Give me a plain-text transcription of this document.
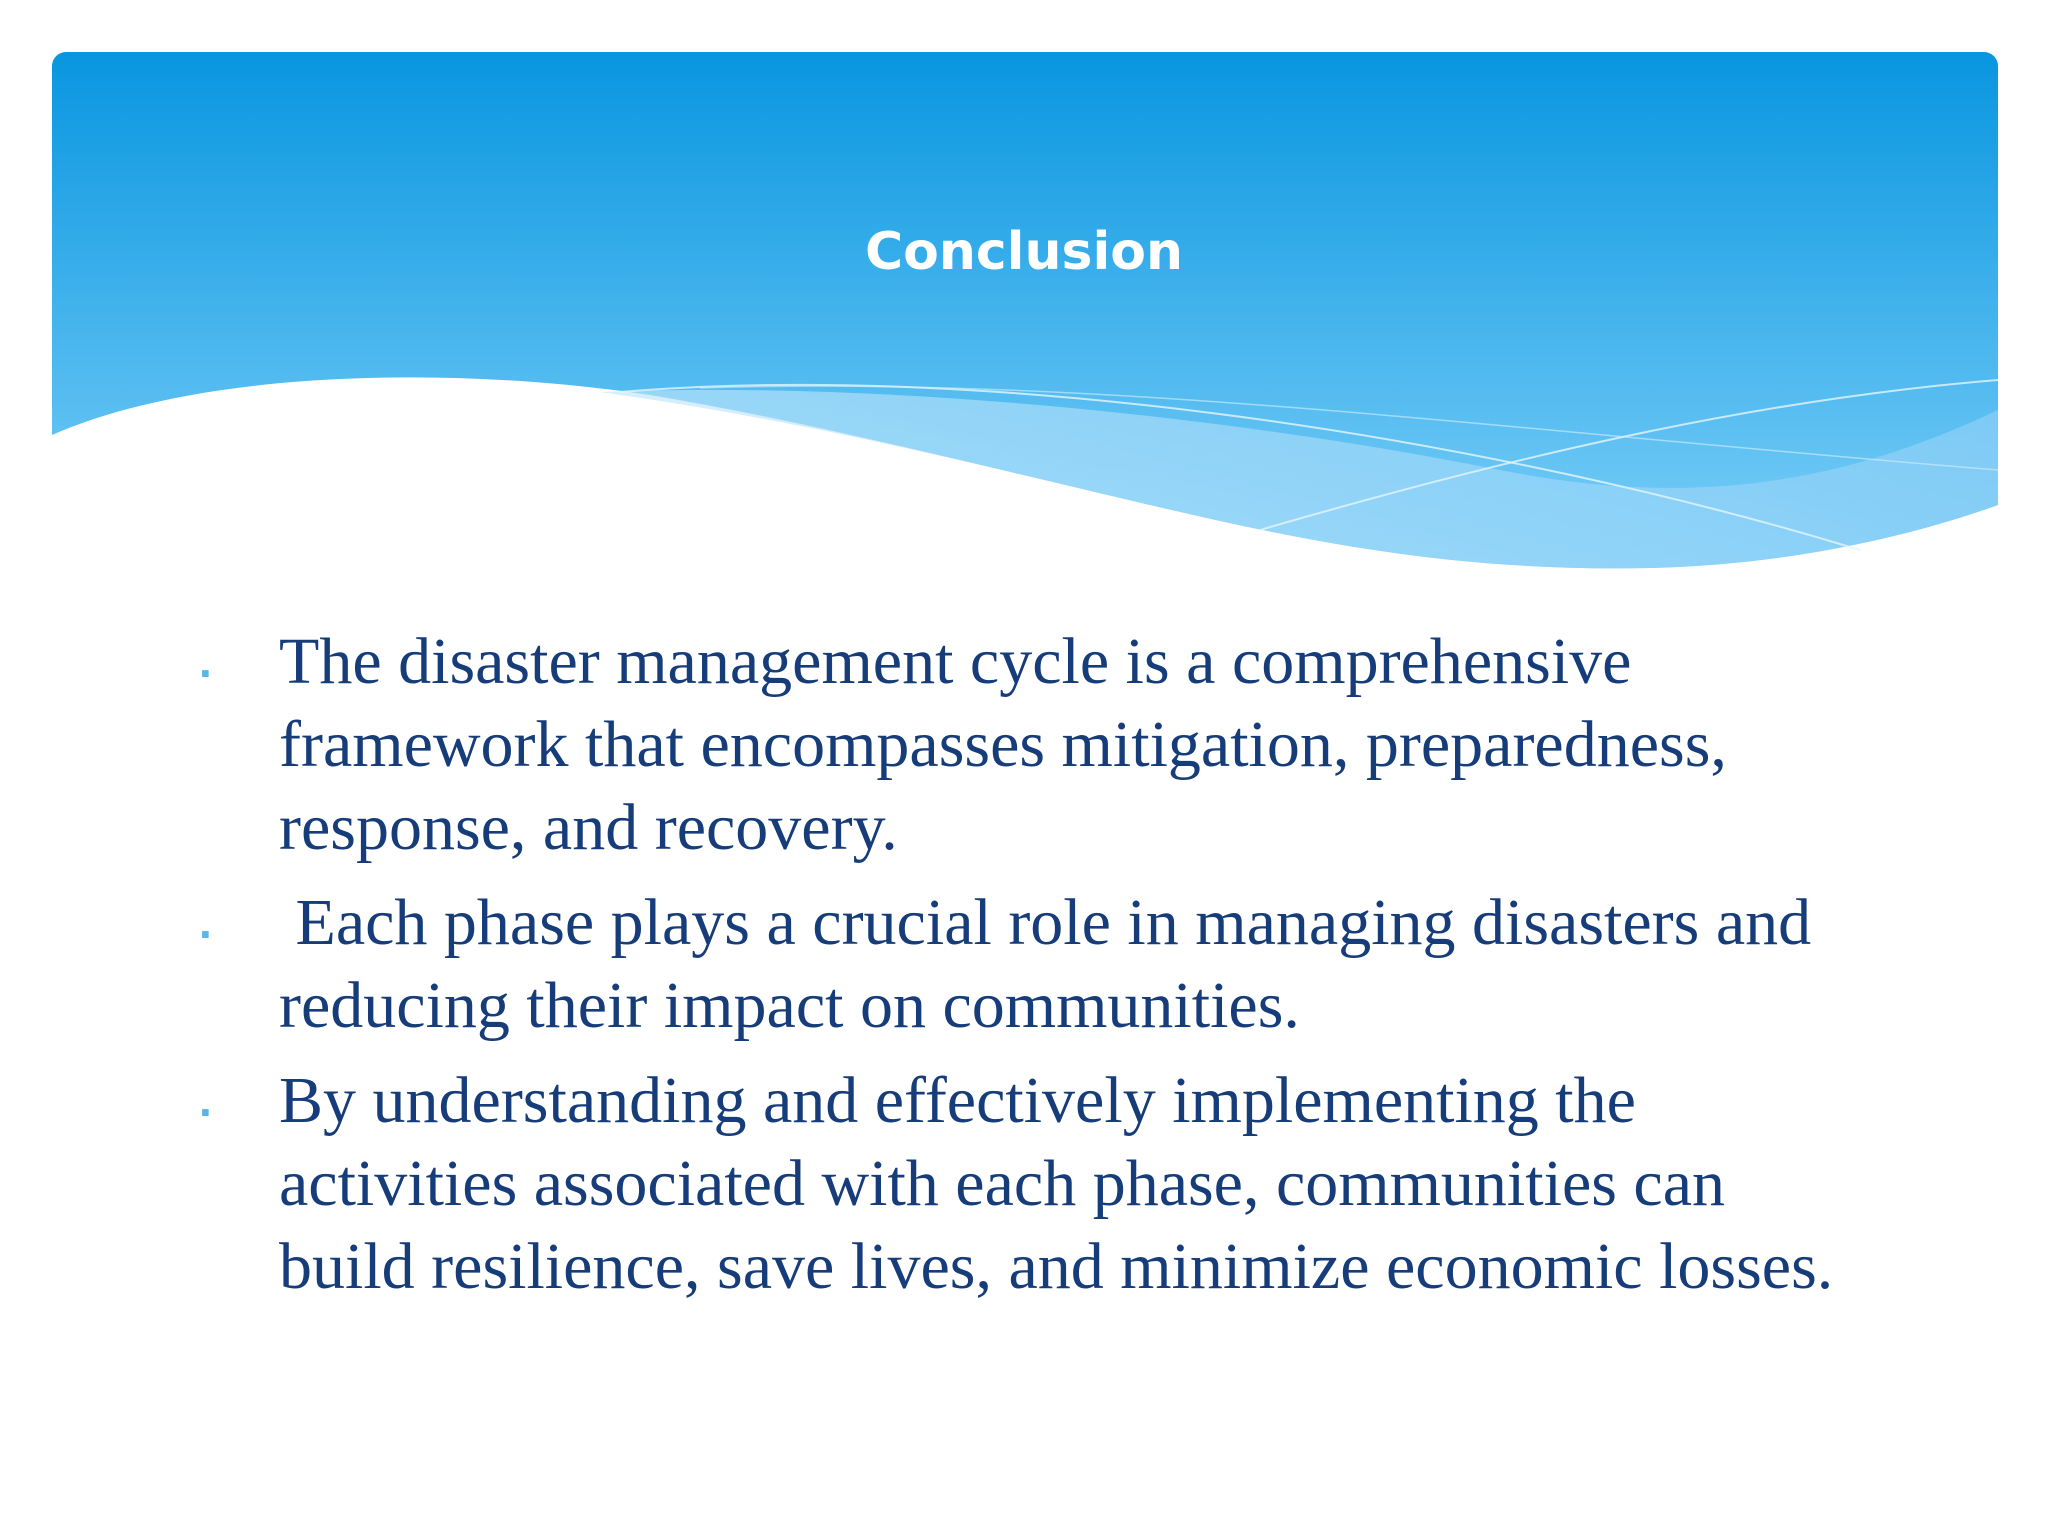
Conclusion
. The disaster management cycle is a comprehensive framework that encompasses mitigation, preparedness, response, and recovery.
. Each phase plays a crucial role in managing disasters and reducing their impact on communities.
. By understanding and effectively implementing the activities associated with each phase, communities can build resilience, save lives, and minimize economic losses.
